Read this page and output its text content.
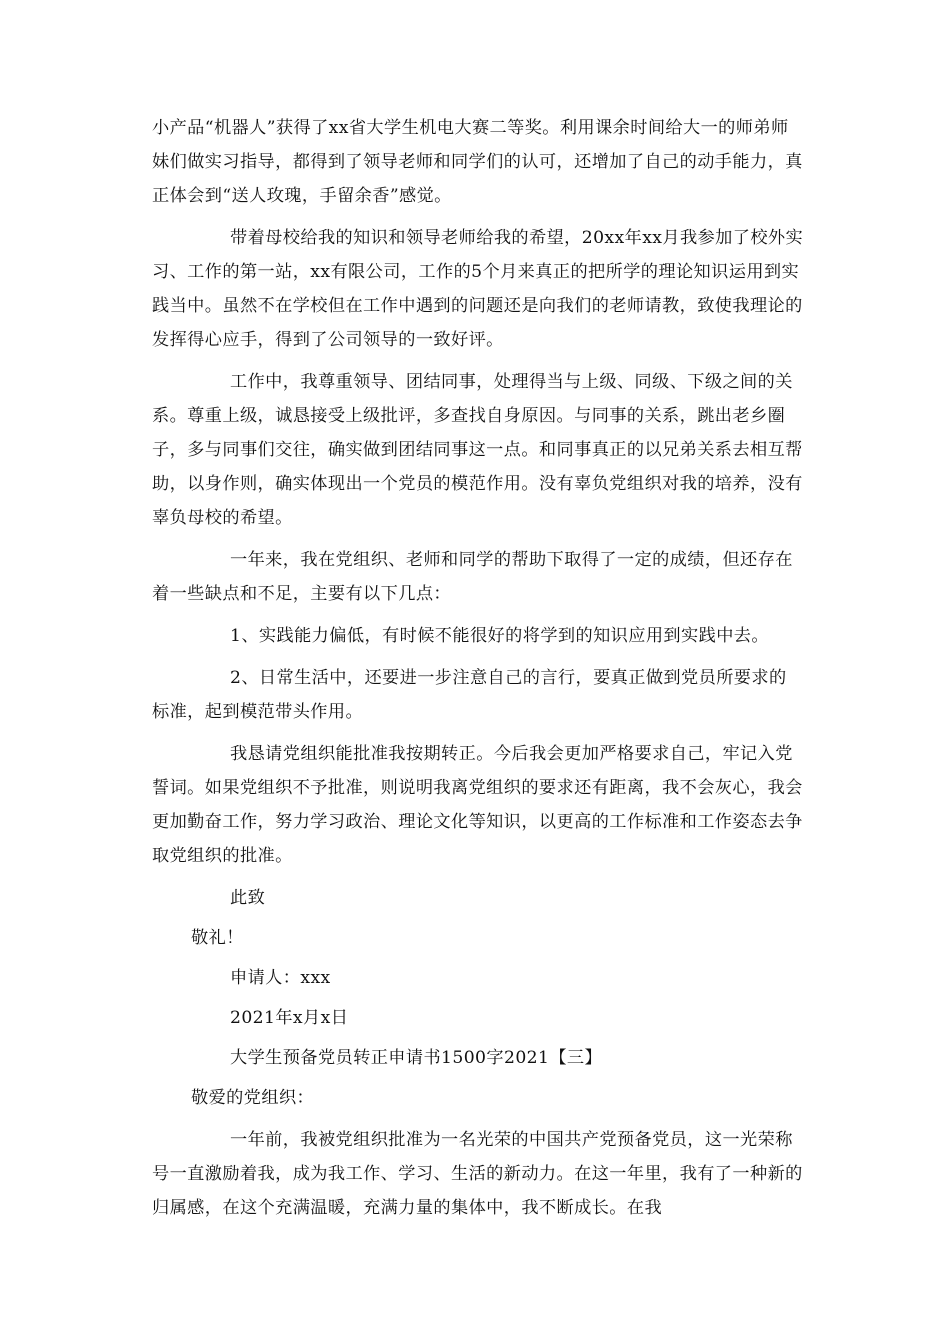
小产品“机器人”获得了xx省大学生机电大赛二等奖。利用课余时间给大一的师弟师妹们做实习指导，都得到了领导老师和同学们的认可，还增加了自己的动手能力，真正体会到“送人玫瑰，手留余香”感觉。

带着母校给我的知识和领导老师给我的希望，20xx年xx月我参加了校外实习、工作的第一站，xx有限公司，工作的5个月来真正的把所学的理论知识运用到实践当中。虽然不在学校但在工作中遇到的问题还是向我们的老师请教，致使我理论的发挥得心应手，得到了公司领导的一致好评。

工作中，我尊重领导、团结同事，处理得当与上级、同级、下级之间的关系。尊重上级，诚恳接受上级批评，多查找自身原因。与同事的关系，跳出老乡圈子，多与同事们交往，确实做到团结同事这一点。和同事真正的以兄弟关系去相互帮助，以身作则，确实体现出一个党员的模范作用。没有辜负党组织对我的培养，没有辜负母校的希望。

一年来，我在党组织、老师和同学的帮助下取得了一定的成绩，但还存在着一些缺点和不足，主要有以下几点：

1、实践能力偏低，有时候不能很好的将学到的知识应用到实践中去。

2、日常生活中，还要进一步注意自己的言行，要真正做到党员所要求的标准，起到模范带头作用。

我恳请党组织能批准我按期转正。今后我会更加严格要求自己，牢记入党誓词。如果党组织不予批准，则说明我离党组织的要求还有距离，我不会灰心，我会更加勤奋工作，努力学习政治、理论文化等知识，以更高的工作标准和工作姿态去争取党组织的批准。

此致

敬礼！

申请人：xxx

2021年x月x日

大学生预备党员转正申请书1500字2021【三】

敬爱的党组织：

一年前，我被党组织批准为一名光荣的中国共产党预备党员，这一光荣称号一直激励着我，成为我工作、学习、生活的新动力。在这一年里，我有了一种新的归属感，在这个充满温暖，充满力量的集体中，我不断成长。在我
